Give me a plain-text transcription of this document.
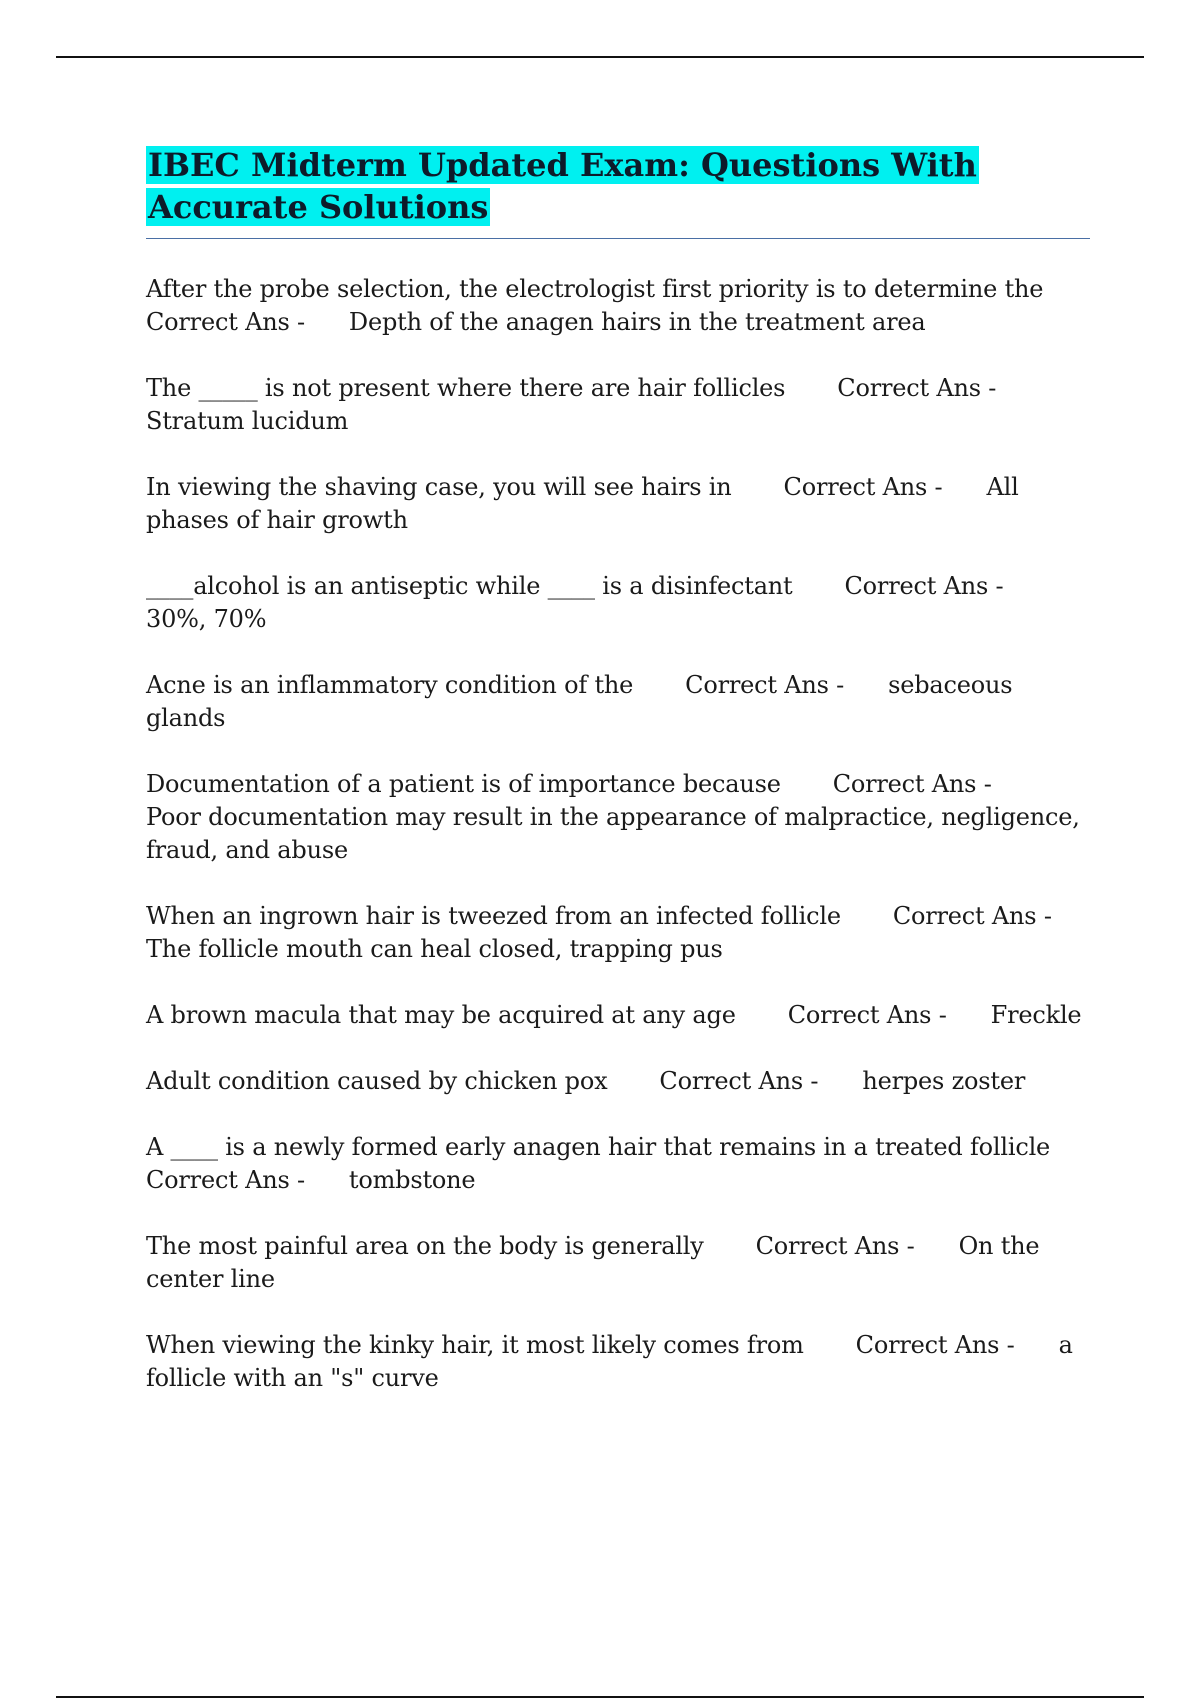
IBEC Midterm Updated Exam: Questions With Accurate Solutions

After the probe selection, the electrologist first priority is to determine the
Correct Ans - Depth of the anagen hairs in the treatment area

The _____ is not present where there are hair follicles Correct Ans -
Stratum lucidum

In viewing the shaving case, you will see hairs in Correct Ans - All phases of hair growth

____alcohol is an antiseptic while ____ is a disinfectant Correct Ans -
30%, 70%

Acne is an inflammatory condition of the Correct Ans - sebaceous glands

Documentation of a patient is of importance because Correct Ans -
Poor documentation may result in the appearance of malpractice, negligence, fraud, and abuse

When an ingrown hair is tweezed from an infected follicle Correct Ans -
The follicle mouth can heal closed, trapping pus

A brown macula that may be acquired at any age Correct Ans - Freckle

Adult condition caused by chicken pox Correct Ans - herpes zoster

A ____ is a newly formed early anagen hair that remains in a treated follicle
Correct Ans - tombstone

The most painful area on the body is generally Correct Ans - On the center line

When viewing the kinky hair, it most likely comes from Correct Ans - a follicle with an "s" curve
